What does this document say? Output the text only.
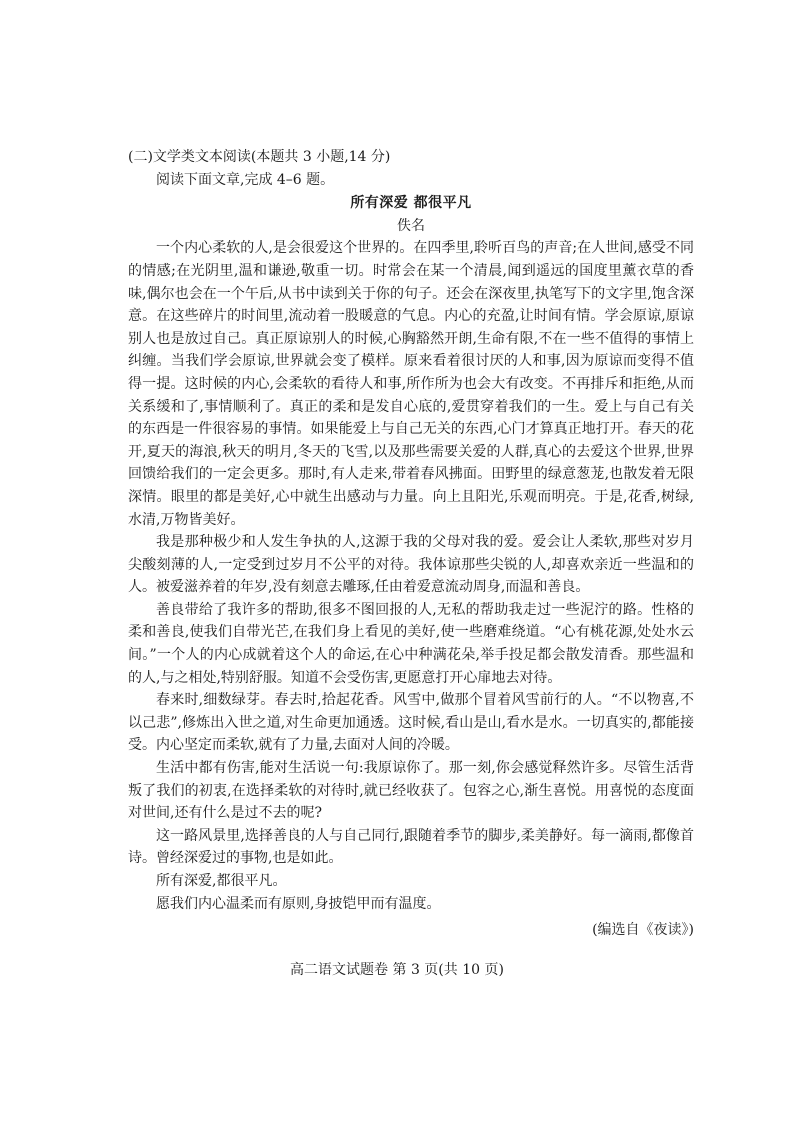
(二)文学类文本阅读(本题共 3 小题,14 分)

阅读下面文章,完成 4–6 题。

所有深爱 都很平凡

佚名

一个内心柔软的人,是会很爱这个世界的。在四季里,聆听百鸟的声音;在人世间,感受不同的情感;在光阴里,温和谦逊,敬重一切。时常会在某一个清晨,闻到遥远的国度里薰衣草的香味,偶尔也会在一个午后,从书中读到关于你的句子。还会在深夜里,执笔写下的文字里,饱含深意。在这些碎片的时间里,流动着一股暖意的气息。内心的充盈,让时间有情。学会原谅,原谅别人也是放过自己。真正原谅别人的时候,心胸豁然开朗,生命有限,不在一些不值得的事情上纠缠。当我们学会原谅,世界就会变了模样。原来看着很讨厌的人和事,因为原谅而变得不值得一提。这时候的内心,会柔软的看待人和事,所作所为也会大有改变。不再排斥和拒绝,从而关系缓和了,事情顺利了。真正的柔和是发自心底的,爱贯穿着我们的一生。爱上与自己有关的东西是一件很容易的事情。如果能爱上与自己无关的东西,心门才算真正地打开。春天的花开,夏天的海浪,秋天的明月,冬天的飞雪,以及那些需要关爱的人群,真心的去爱这个世界,世界回馈给我们的一定会更多。那时,有人走来,带着春风拂面。田野里的绿意葱茏,也散发着无限深情。眼里的都是美好,心中就生出感动与力量。向上且阳光,乐观而明亮。于是,花香,树绿,水清,万物皆美好。

我是那种极少和人发生争执的人,这源于我的父母对我的爱。爱会让人柔软,那些对岁月尖酸刻薄的人,一定受到过岁月不公平的对待。我体谅那些尖锐的人,却喜欢亲近一些温和的人。被爱滋养着的年岁,没有刻意去雕琢,任由着爱意流动周身,而温和善良。

善良带给了我许多的帮助,很多不图回报的人,无私的帮助我走过一些泥泞的路。性格的柔和善良,使我们自带光芒,在我们身上看见的美好,使一些磨难绕道。“心有桃花源,处处水云间。”一个人的内心成就着这个人的命运,在心中种满花朵,举手投足都会散发清香。那些温和的人,与之相处,特别舒服。知道不会受伤害,更愿意打开心扉地去对待。

春来时,细数绿芽。春去时,拾起花香。风雪中,做那个冒着风雪前行的人。“不以物喜,不以己悲”,修炼出入世之道,对生命更加通透。这时候,看山是山,看水是水。一切真实的,都能接受。内心坚定而柔软,就有了力量,去面对人间的冷暖。

生活中都有伤害,能对生活说一句:我原谅你了。那一刻,你会感觉释然许多。尽管生活背叛了我们的初衷,在选择柔软的对待时,就已经收获了。包容之心,渐生喜悦。用喜悦的态度面对世间,还有什么是过不去的呢?

这一路风景里,选择善良的人与自己同行,跟随着季节的脚步,柔美静好。每一滴雨,都像首诗。曾经深爱过的事物,也是如此。

所有深爱,都很平凡。

愿我们内心温柔而有原则,身披铠甲而有温度。

(编选自《夜读》)

高二语文试题卷 第 3 页(共 10 页)
